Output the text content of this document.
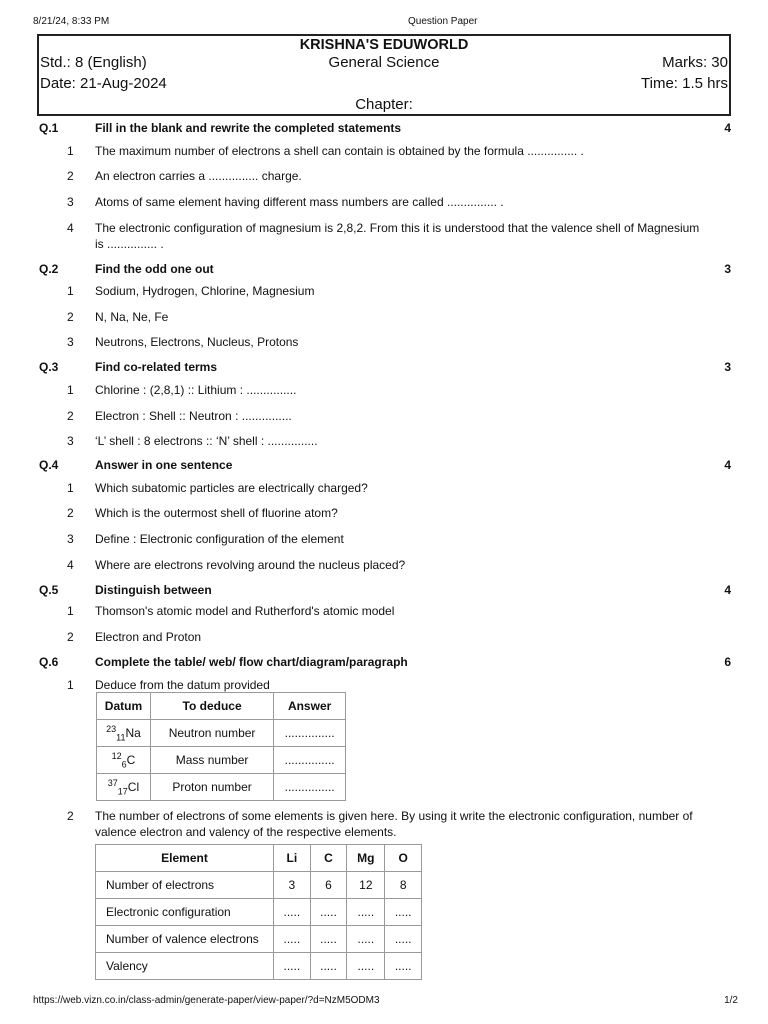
8/21/24, 8:33 PM	Question Paper
KRISHNA'S EDUWORLD
Std.: 8 (English)	General Science	Marks: 30
Date: 21-Aug-2024	Time: 1.5 hrs
Chapter:
Q.1	Fill in the blank and rewrite the completed statements	4
1 The maximum number of electrons a shell can contain is obtained by the formula ............... .
2 An electron carries a ............... charge.
3 Atoms of same element having different mass numbers are called ............... .
4 The electronic configuration of magnesium is 2,8,2. From this it is understood that the valence shell of Magnesium is ............... .
Q.2	Find the odd one out	3
1 Sodium, Hydrogen, Chlorine, Magnesium
2 N, Na, Ne, Fe
3 Neutrons, Electrons, Nucleus, Protons
Q.3	Find co-related terms	3
1 Chlorine : (2,8,1) :: Lithium : ...............
2 Electron : Shell :: Neutron : ...............
3 ‘L’ shell : 8 electrons :: ‘N’ shell : ...............
Q.4	Answer in one sentence	4
1 Which subatomic particles are electrically charged?
2 Which is the outermost shell of fluorine atom?
3 Define : Electronic configuration of the element
4 Where are electrons revolving around the nucleus placed?
Q.5	Distinguish between	4
1 Thomson's atomic model and Rutherford's atomic model
2 Electron and Proton
Q.6	Complete the table/ web/ flow chart/diagram/paragraph	6
1 Deduce from the datum provided
Datum	To deduce	Answer
$^{23}_{11}$Na	Neutron number	...............
$^{12}_6$C	Mass number	...............
$^{37}_{17}$Cl	Proton number	...............
2 The number of electrons of some elements is given here. By using it write the electronic configuration, number of valence electron and valency of the respective elements.
Element	Li	C	Mg	O
Number of electrons	3	6	12	8
Electronic configuration	.....	.....	.....	.....
Number of valence electrons	.....	.....	.....	.....
Valency	.....	.....	.....	.....
https://web.vizn.co.in/class-admin/generate-paper/view-paper/?d=NzM5ODM3	1/2
